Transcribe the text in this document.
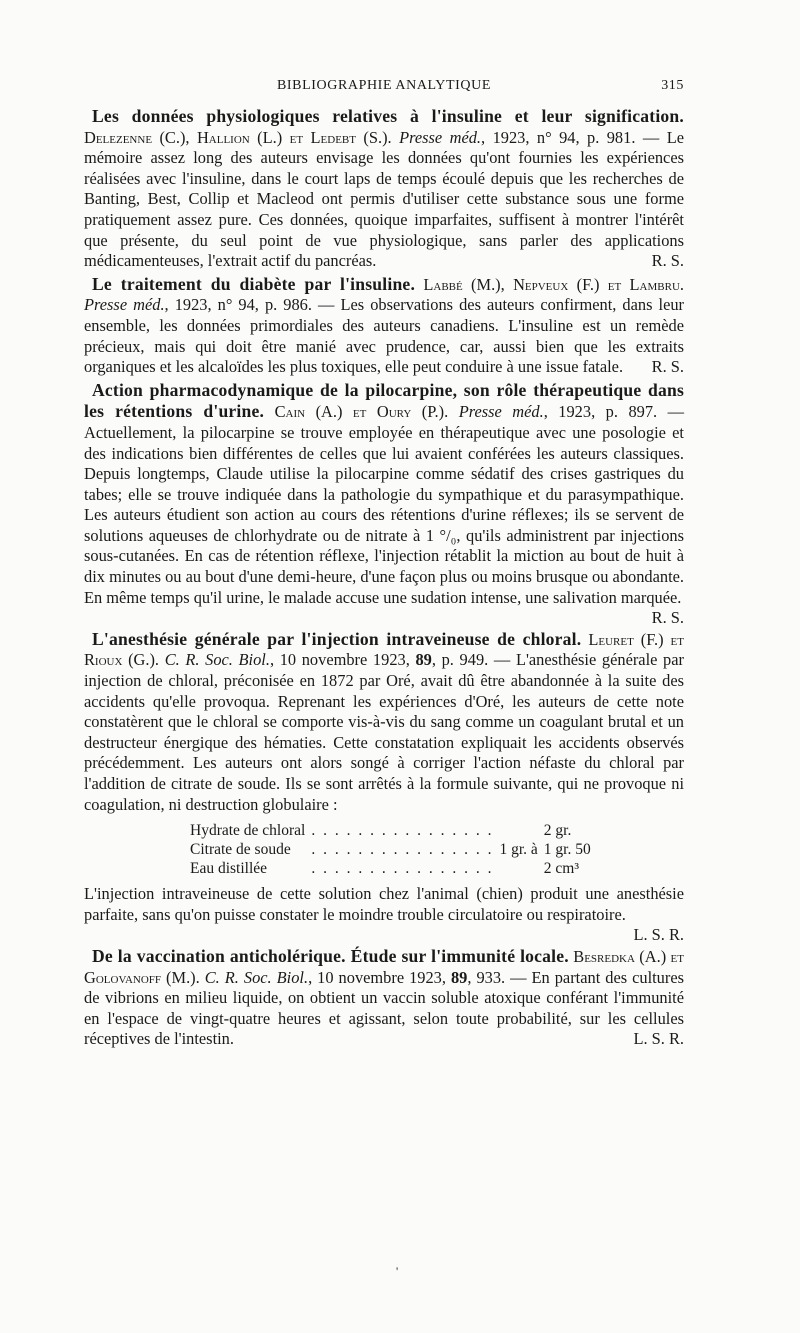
BIBLIOGRAPHIE ANALYTIQUE	315

Les données physiologiques relatives à l'insuline et leur signification. Delezenne (C.), Hallion (L.) et Ledebt (S.). Presse méd., 1923, n° 94, p. 981. — Le mémoire assez long des auteurs envisage les données qu'ont fournies les expériences réalisées avec l'insuline, dans le court laps de temps écoulé depuis que les recherches de Banting, Best, Collip et Macleod ont permis d'utiliser cette substance sous une forme pratiquement assez pure. Ces données, quoique imparfaites, suffisent à montrer l'intérêt que présente, du seul point de vue physiologique, sans parler des applications médicamenteuses, l'extrait actif du pancréas.	R. S.

Le traitement du diabète par l'insuline. Labbé (M.), Nepveux (F.) et Lambru. Presse méd., 1923, n° 94, p. 986. — Les observations des auteurs confirment, dans leur ensemble, les données primordiales des auteurs canadiens. L'insuline est un remède précieux, mais qui doit être manié avec prudence, car, aussi bien que les extraits organiques et les alcaloïdes les plus toxiques, elle peut conduire à une issue fatale.	R. S.

Action pharmacodynamique de la pilocarpine, son rôle thérapeutique dans les rétentions d'urine. Cain (A.) et Oury (P.). Presse méd., 1923, p. 897. — Actuellement, la pilocarpine se trouve employée en thérapeutique avec une posologie et des indications bien différentes de celles que lui avaient conférées les auteurs classiques. Depuis longtemps, Claude utilise la pilocarpine comme sédatif des crises gastriques du tabes; elle se trouve indiquée dans la pathologie du sympathique et du parasympathique. Les auteurs étudient son action au cours des rétentions d'urine réflexes; ils se servent de solutions aqueuses de chlorhydrate ou de nitrate à 1 °/₀, qu'ils administrent par injections sous-cutanées. En cas de rétention réflexe, l'injection rétablit la miction au bout de huit à dix minutes ou au bout d'une demi-heure, d'une façon plus ou moins brusque ou abondante. En même temps qu'il urine, le malade accuse une sudation intense, une salivation marquée.
R. S.

L'anesthésie générale par l'injection intraveineuse de chloral. Leuret (F.) et Rioux (G.). C. R. Soc. Biol., 10 novembre 1923, 89, p. 949. — L'anesthésie générale par injection de chloral, préconisée en 1872 par Oré, avait dû être abandonnée à la suite des accidents qu'elle provoqua. Reprenant les expériences d'Oré, les auteurs de cette note constatèrent que le chloral se comporte vis-à-vis du sang comme un coagulant brutal et un destructeur énergique des hématies. Cette constatation expliquait les accidents observés précédemment. Les auteurs ont alors songé à corriger l'action néfaste du chloral par l'addition de citrate de soude. Ils se sont arrêtés à la formule suivante, qui ne provoque ni coagulation, ni destruction globulaire :

Hydrate de chloral	. . .		2 gr.
Citrate de soude	. . .	1 gr. à	1 gr. 50
Eau distillée	. . .		2 cm³

L'injection intraveineuse de cette solution chez l'animal (chien) produit une anesthésie parfaite, sans qu'on puisse constater le moindre trouble circulatoire ou respiratoire.
L. S. R.

De la vaccination anticholérique. Étude sur l'immunité locale. Besredka (A.) et Golovanoff (M.). C. R. Soc. Biol., 10 novembre 1923, 89, 933. — En partant des cultures de vibrions en milieu liquide, on obtient un vaccin soluble atoxique conférant l'immunité en l'espace de vingt-quatre heures et agissant, selon toute probabilité, sur les cellules réceptives de l'intestin.	L. S. R.

'
